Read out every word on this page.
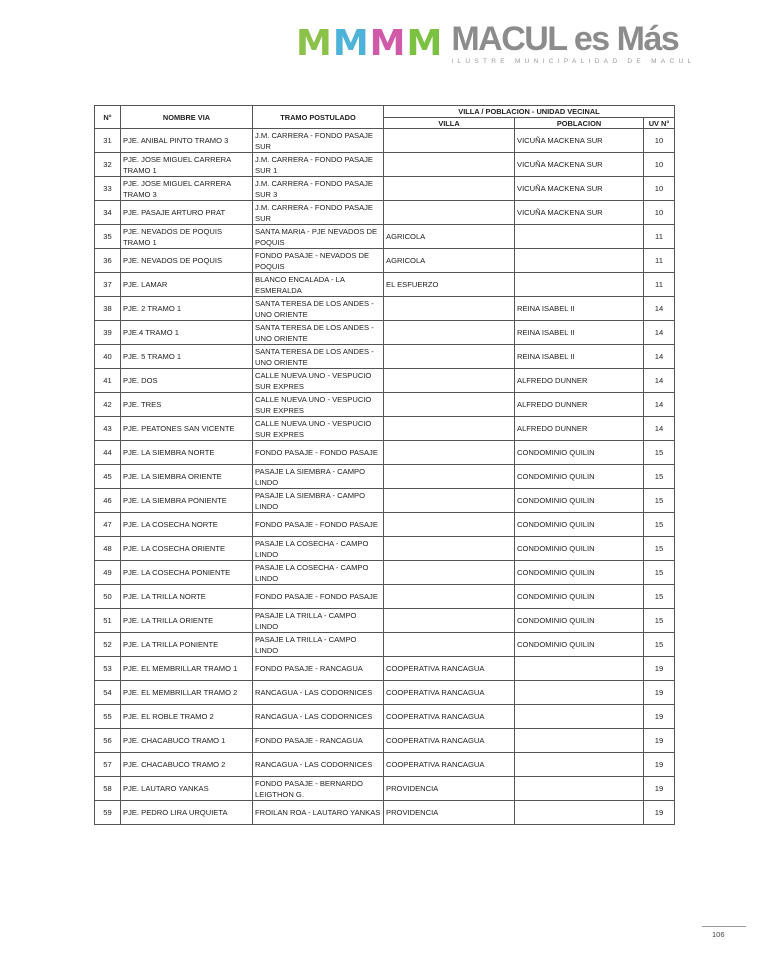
M M M M MACUL es Más
ILUSTRE MUNICIPALIDAD DE MACUL
N°	NOMBRE VIA	TRAMO POSTULADO	VILLA / POBLACION - UNIDAD VECINAL		
			VILLA	POBLACION	UV N°
31	PJE. ANIBAL PINTO TRAMO 3	J.M. CARRERA - FONDO PASAJE SUR		VICUÑA MACKENA SUR	10
32	PJE. JOSE MIGUEL CARRERA TRAMO 1	J.M. CARRERA - FONDO PASAJE SUR 1		VICUÑA MACKENA SUR	10
33	PJE. JOSE MIGUEL CARRERA TRAMO 3	J.M. CARRERA - FONDO PASAJE SUR 3		VICUÑA MACKENA SUR	10
34	PJE. PASAJE ARTURO PRAT	J.M. CARRERA - FONDO PASAJE SUR		VICUÑA MACKENA SUR	10
35	PJE. NEVADOS DE POQUIS TRAMO 1	SANTA MARIA - PJE NEVADOS DE POQUIS	AGRICOLA		11
36	PJE. NEVADOS DE POQUIS	FONDO PASAJE - NEVADOS DE POQUIS	AGRICOLA		11
37	PJE. LAMAR	BLANCO ENCALADA - LA ESMERALDA	EL ESFUERZO		11
38	PJE. 2 TRAMO 1	SANTA TERESA DE LOS ANDES - UNO ORIENTE		REINA ISABEL II	14
39	PJE.4 TRAMO 1	SANTA TERESA DE LOS ANDES - UNO ORIENTE		REINA ISABEL II	14
40	PJE. 5 TRAMO 1	SANTA TERESA DE LOS ANDES - UNO ORIENTE		REINA ISABEL II	14
41	PJE. DOS	CALLE NUEVA UNO - VESPUCIO SUR EXPRES		ALFREDO DUNNER	14
42	PJE. TRES	CALLE NUEVA UNO - VESPUCIO SUR EXPRES		ALFREDO DUNNER	14
43	PJE. PEATONES SAN VICENTE	CALLE NUEVA UNO - VESPUCIO SUR EXPRES		ALFREDO DUNNER	14
44	PJE. LA SIEMBRA NORTE	FONDO PASAJE - FONDO PASAJE		CONDOMINIO QUILIN	15
45	PJE. LA SIEMBRA ORIENTE	PASAJE LA SIEMBRA - CAMPO LINDO		CONDOMINIO QUILIN	15
46	PJE. LA SIEMBRA PONIENTE	PASAJE LA SIEMBRA - CAMPO LINDO		CONDOMINIO QUILIN	15
47	PJE. LA COSECHA NORTE	FONDO PASAJE - FONDO PASAJE		CONDOMINIO QUILIN	15
48	PJE. LA COSECHA ORIENTE	PASAJE LA COSECHA - CAMPO LINDO		CONDOMINIO QUILIN	15
49	PJE. LA COSECHA PONIENTE	PASAJE LA COSECHA - CAMPO LINDO		CONDOMINIO QUILIN	15
50	PJE. LA TRILLA NORTE	FONDO PASAJE - FONDO PASAJE		CONDOMINIO QUILIN	15
51	PJE. LA TRILLA ORIENTE	PASAJE LA TRILLA - CAMPO LINDO		CONDOMINIO QUILIN	15
52	PJE. LA TRILLA PONIENTE	PASAJE LA TRILLA - CAMPO LINDO		CONDOMINIO QUILIN	15
53	PJE. EL MEMBRILLAR TRAMO 1	FONDO PASAJE - RANCAGUA	COOPERATIVA RANCAGUA		19
54	PJE. EL MEMBRILLAR TRAMO 2	RANCAGUA - LAS CODORNICES	COOPERATIVA RANCAGUA		19
55	PJE. EL ROBLE TRAMO 2	RANCAGUA - LAS CODORNICES	COOPERATIVA RANCAGUA		19
56	PJE. CHACABUCO TRAMO 1	FONDO PASAJE - RANCAGUA	COOPERATIVA RANCAGUA		19
57	PJE. CHACABUCO TRAMO 2	RANCAGUA - LAS CODORNICES	COOPERATIVA RANCAGUA		19
58	PJE. LAUTARO YANKAS	FONDO PASAJE - BERNARDO LEIGTHON G.	PROVIDENCIA		19
59	PJE. PEDRO LIRA URQUIETA	FROILAN ROA - LAUTARO YANKAS	PROVIDENCIA		19
106
